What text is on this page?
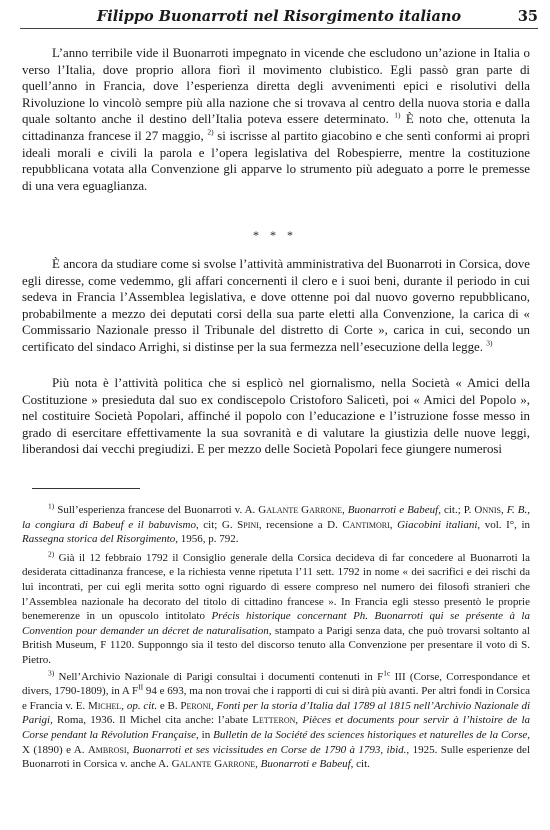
Filippo Buonarroti nel Risorgimento italiano	35

L’anno terribile vide il Buonarroti impegnato in vicende che escludono un’azione in Italia o verso l’Italia, dove proprio allora fiorì il movimento clubistico. Egli passò gran parte di quell’anno in Francia, dove l’esperienza diretta degli avvenimenti epici e risolutivi della Rivoluzione lo vincolò sempre più alla nazione che si trovava al centro della nuova storia e dalla quale soltanto anche il destino dell’Italia poteva essere determinato. $^{1)}$ È noto che, ottenuta la cittadinanza francese il 27 maggio, $^{2)}$ si iscrisse al partito giacobino e che sentì conformi ai propri ideali morali e civili la parola e l’opera legislativa del Robespierre, mentre la costituzione repubblicana votata alla Convenzione gli apparve lo strumento più adeguato a porre le premesse di una vera eguaglianza.

* * *

È ancora da studiare come si svolse l’attività amministrativa del Buonarroti in Corsica, dove egli diresse, come vedemmo, gli affari concernenti il clero e i suoi beni, durante il periodo in cui sedeva in Francia l’Assemblea legislativa, e dove ottenne poi dal nuovo governo repubblicano, probabilmente a mezzo dei deputati corsi della sua parte eletti alla Convenzione, la carica di « Commissario Nazionale presso il Tribunale del distretto di Corte », carica in cui, secondo un certificato del sindaco Arrighi, si distinse per la sua fermezza nell’esecuzione della legge. $^{3)}$

Più nota è l’attività politica che si esplicò nel giornalismo, nella Società « Amici della Costituzione » presieduta dal suo ex condiscepolo Cristoforo Salicetì, poi « Amici del Popolo », nel costituire Società Popolari, affinché il popolo con l’educazione e l’istruzione fosse messo in grado di esercitare effettivamente la sua sovranità e di valutare la giustizia delle nuove leggi, liberandosi dai vecchi pregiudizi. E per mezzo delle Società Popolari fece giungere numerosi

$^{1)}$ Sull’esperienza francese del Buonarroti v. A. Galante Garrone, Buonarroti e Babeuf, cit.; P. Onnis, F. B., la congiura di Babeuf e il babuvismo, cit; G. Spini, recensione a D. Cantimori, Giacobini italiani, vol. I°, in Rassegna storica del Risorgimento, 1956, p. 792.

$^{2)}$ Già il 12 febbraio 1792 il Consiglio generale della Corsica decideva di far concedere al Buonarroti la desiderata cittadinanza francese, e la richiesta venne ripetuta l’11 sett. 1792 in nome « dei sacrifici e dei rischi da lui incontrati, per cui egli merita sotto ogni riguardo di essere compreso nel numero dei filosofi stranieri che l’Assemblea nazionale ha decorato del titolo di cittadino francese ». In Francia egli stesso presentò le proprie benemerenze in un opuscolo intitolato Précis historique concernant Ph. Buonarroti qui se présente à la Convention pour demander un décret de naturalisation, stampato a Parigi senza data, che può trovarsi soltanto al British Museum, F 1120. Supponngo sia il testo del discorso tenuto alla Convenzione per presentare il voto di S. Pietro.

$^{3)}$ Nell’Archivio Nazionale di Parigi consultai i documenti contenuti in $F^{1c}$ III (Corse, Correspondance et divers, 1790-1809), in A $F^{II}$ 94 e 693, ma non trovai che i rapporti di cui si dirà più avanti. Per altri fondi in Corsica e Francia v. E. Michel, op. cit. e B. Peroni, Fonti per la storia d’Italia dal 1789 al 1815 nell’Archivio Nazionale di Parigi, Roma, 1936. Il Michel cita anche: l’abate Letteron, Pièces et documents pour servir à l’histoire de la Corse pendant la Révolution Française, in Bulletin de la Société des sciences historiques et naturelles de la Corse, X (1890) e A. Ambrosi, Buonarroti et ses vicissitudes en Corse de 1790 à 1793, ibid., 1925. Sulle esperienze del Buonarroti in Corsica v. anche A. Galante Garrone, Buonarroti e Babeuf, cit.
